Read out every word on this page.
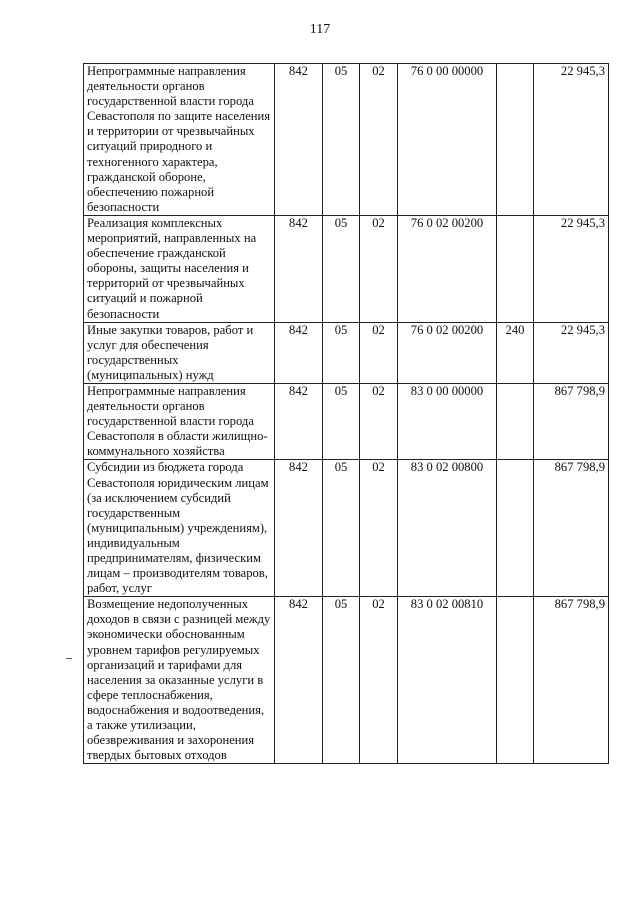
117
Непрограммные направления деятельности органов государственной власти города Севастополя по защите населения и территории от чрезвычайных ситуаций природного и техногенного характера, гражданской обороне, обеспечению пожарной безопасности	842	05	02	76 0 00 00000		22 945,3
Реализация комплексных мероприятий, направленных на обеспечение гражданской обороны, защиты населения и территорий от чрезвычайных ситуаций и пожарной безопасности	842	05	02	76 0 02 00200		22 945,3
Иные закупки товаров, работ и услуг для обеспечения государственных (муниципальных) нужд	842	05	02	76 0 02 00200	240	22 945,3
Непрограммные направления деятельности органов государственной власти города Севастополя в области жилищно-коммунального хозяйства	842	05	02	83 0 00 00000		867 798,9
Субсидии из бюджета города Севастополя юридическим лицам (за исключением субсидий государственным (муниципальным) учреждениям), индивидуальным предпринимателям, физическим лицам – производителям товаров, работ, услуг	842	05	02	83 0 02 00800		867 798,9
Возмещение недополученных доходов в связи с разницей между экономически обоснованным уровнем тарифов регулируемых организаций и тарифами для населения за оказанные услуги в сфере теплоснабжения, водоснабжения и водоотведения, а также утилизации, обезвреживания и захоронения твердых бытовых отходов	842	05	02	83 0 02 00810		867 798,9
